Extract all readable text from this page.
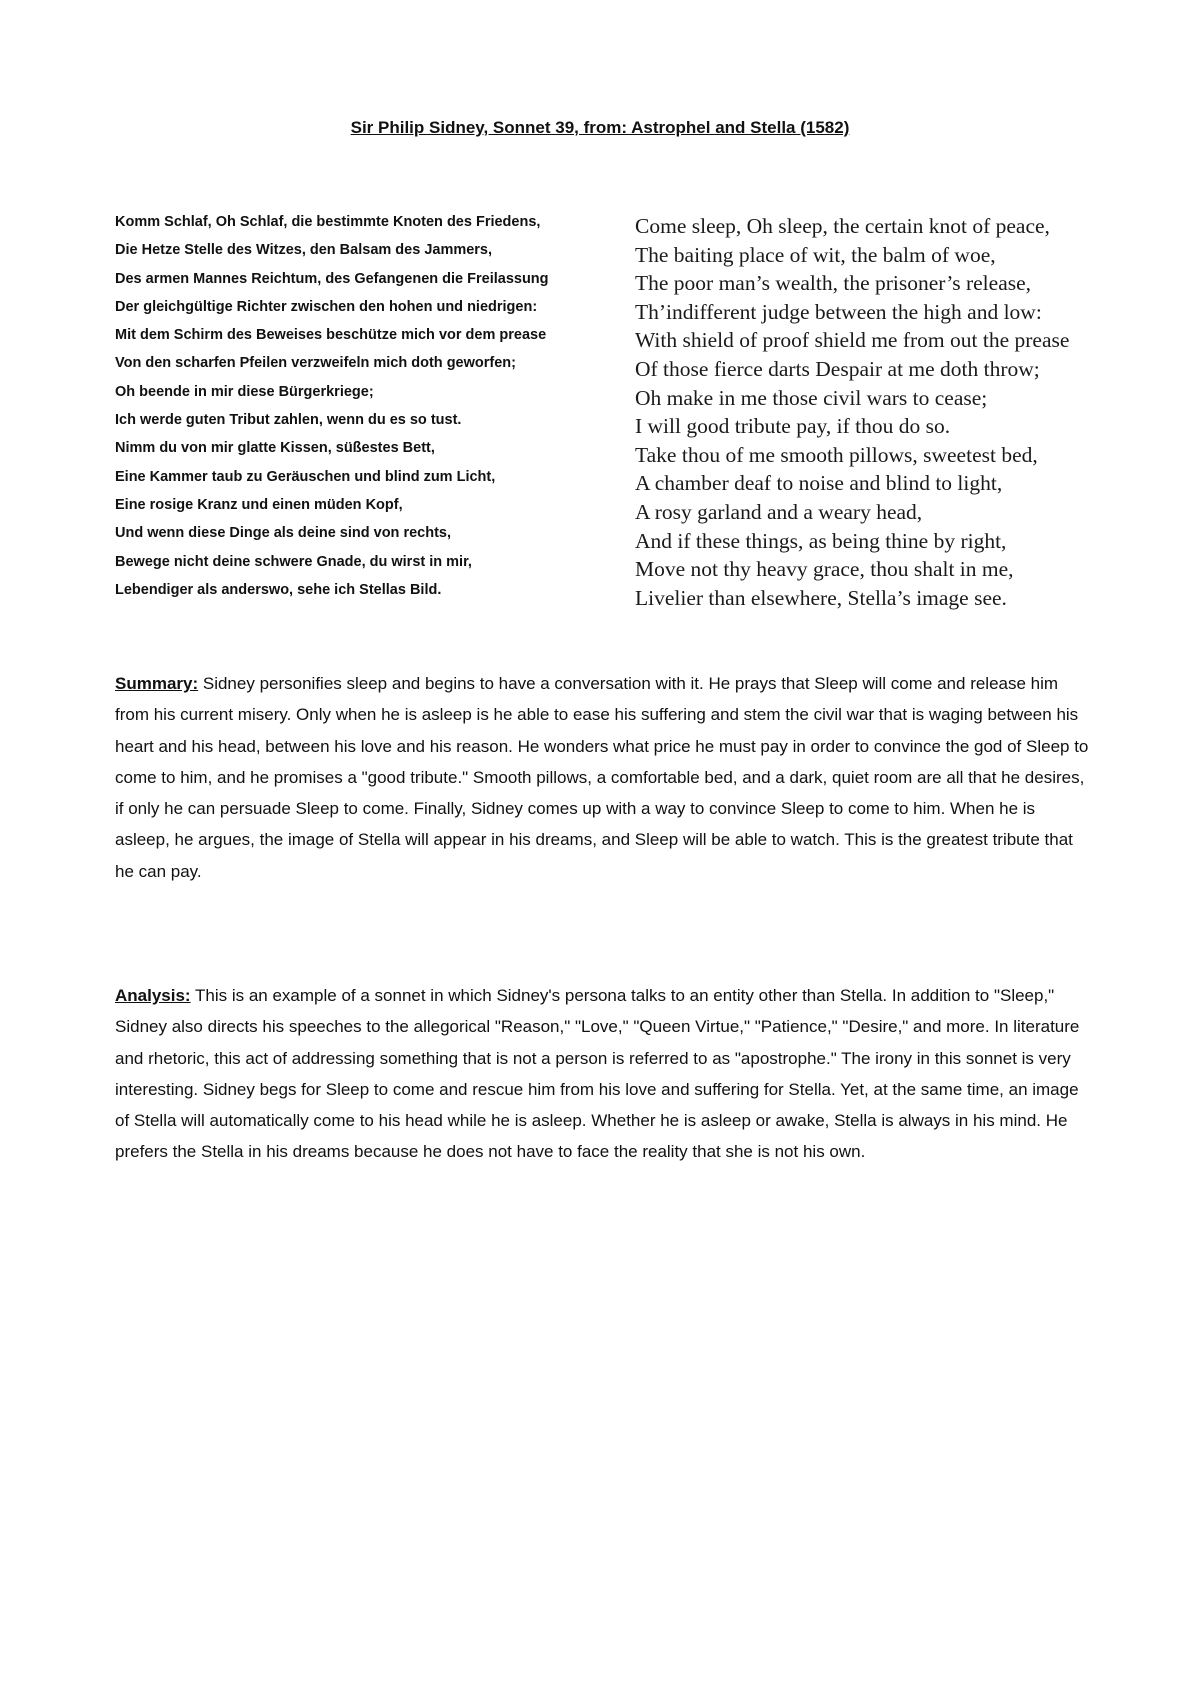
Sir Philip Sidney, Sonnet 39, from: Astrophel and Stella (1582)
Komm Schlaf, Oh Schlaf, die bestimmte Knoten des Friedens,
Die Hetze Stelle des Witzes, den Balsam des Jammers,
Des armen Mannes Reichtum, des Gefangenen die Freilassung
Der gleichgültige Richter zwischen den hohen und niedrigen:
Mit dem Schirm des Beweises beschütze mich vor dem prease
Von den scharfen Pfeilen verzweifeln mich doth geworfen;
Oh beende in mir diese Bürgerkriege;
Ich werde guten Tribut zahlen, wenn du es so tust.
Nimm du von mir glatte Kissen, süßestes Bett,
Eine Kammer taub zu Geräuschen und blind zum Licht,
Eine rosige Kranz und einen müden Kopf,
Und wenn diese Dinge als deine sind von rechts,
Bewege nicht deine schwere Gnade, du wirst in mir,
Lebendiger als anderswo, sehe ich Stellas Bild.
Come sleep, Oh sleep, the certain knot of peace,
The baiting place of wit, the balm of woe,
The poor man’s wealth, the prisoner’s release,
Th’indifferent judge between the high and low:
With shield of proof shield me from out the prease
Of those fierce darts Despair at me doth throw;
Oh make in me those civil wars to cease;
I will good tribute pay, if thou do so.
Take thou of me smooth pillows, sweetest bed,
A chamber deaf to noise and blind to light,
A rosy garland and a weary head,
And if these things, as being thine by right,
Move not thy heavy grace, thou shalt in me,
Livelier than elsewhere, Stella’s image see.
Summary: Sidney personifies sleep and begins to have a conversation with it. He prays that Sleep will come and release him from his current misery. Only when he is asleep is he able to ease his suffering and stem the civil war that is waging between his heart and his head, between his love and his reason. He wonders what price he must pay in order to convince the god of Sleep to come to him, and he promises a "good tribute." Smooth pillows, a comfortable bed, and a dark, quiet room are all that he desires, if only he can persuade Sleep to come. Finally, Sidney comes up with a way to convince Sleep to come to him. When he is asleep, he argues, the image of Stella will appear in his dreams, and Sleep will be able to watch. This is the greatest tribute that he can pay.
Analysis: This is an example of a sonnet in which Sidney's persona talks to an entity other than Stella. In addition to "Sleep," Sidney also directs his speeches to the allegorical "Reason," "Love," "Queen Virtue," "Patience," "Desire," and more. In literature and rhetoric, this act of addressing something that is not a person is referred to as "apostrophe." The irony in this sonnet is very interesting. Sidney begs for Sleep to come and rescue him from his love and suffering for Stella. Yet, at the same time, an image of Stella will automatically come to his head while he is asleep. Whether he is asleep or awake, Stella is always in his mind. He prefers the Stella in his dreams because he does not have to face the reality that she is not his own.
